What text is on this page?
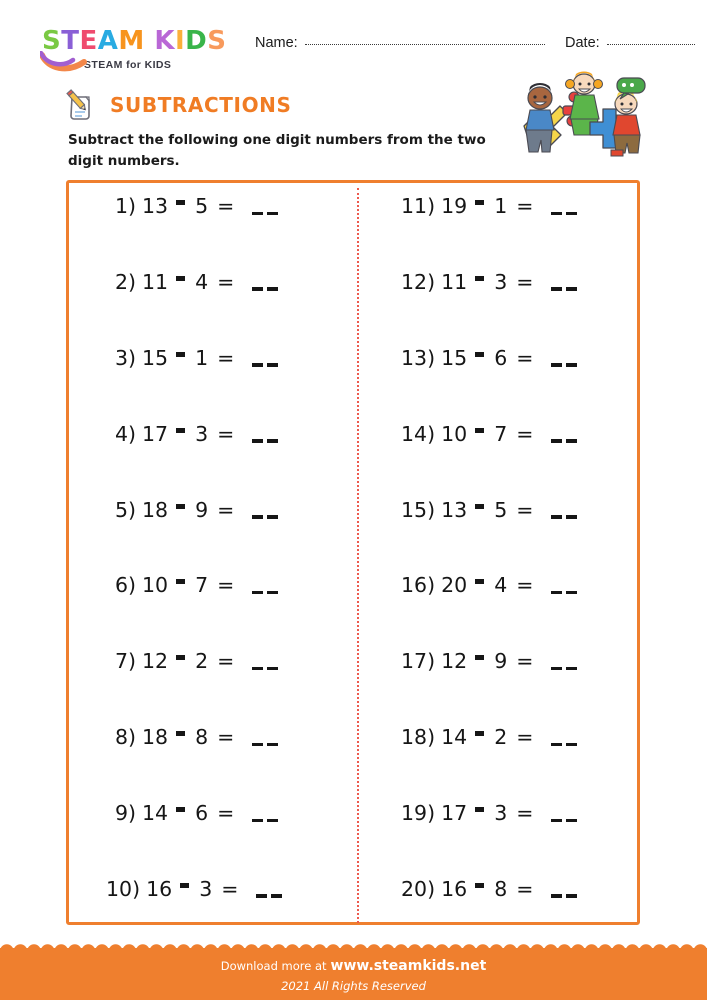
STEAM KIDS
STEAM for KIDS
Name:	Date:
SUBTRACTIONS
Subtract the following one digit numbers from the two digit numbers.
1) 13 5 =
2) 11 4 =
3) 15 1 =
4) 17 3 =
5) 18 9 =
6) 10 7 =
7) 12 2 =
8) 18 8 =
9) 14 6 =
10) 16 3 =
11) 19 1 =
12) 11 3 =
13) 15 6 =
14) 10 7 =
15) 13 5 =
16) 20 4 =
17) 12 9 =
18) 14 2 =
19) 17 3 =
20) 16 8 =
Download more at www.steamkids.net
2021 All Rights Reserved
